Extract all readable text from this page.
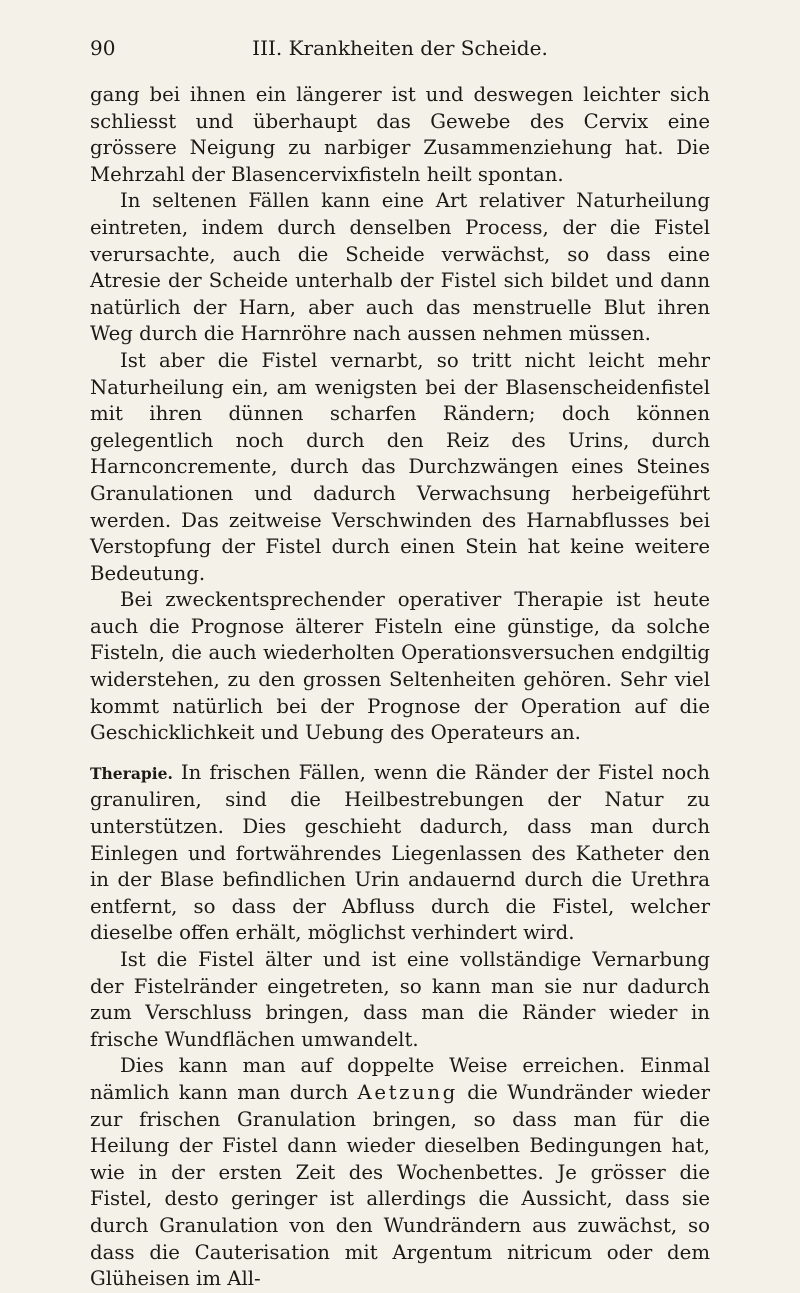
90	III. Krankheiten der Scheide.

gang bei ihnen ein längerer ist und deswegen leichter sich schliesst und überhaupt das Gewebe des Cervix eine grössere Neigung zu narbiger Zusammenziehung hat. Die Mehrzahl der Blasencervixfisteln heilt spontan.

In seltenen Fällen kann eine Art relativer Naturheilung eintreten, indem durch denselben Process, der die Fistel verursachte, auch die Scheide verwächst, so dass eine Atresie der Scheide unterhalb der Fistel sich bildet und dann natürlich der Harn, aber auch das menstruelle Blut ihren Weg durch die Harnröhre nach aussen nehmen müssen.

Ist aber die Fistel vernarbt, so tritt nicht leicht mehr Naturheilung ein, am wenigsten bei der Blasenscheidenfistel mit ihren dünnen scharfen Rändern; doch können gelegentlich noch durch den Reiz des Urins, durch Harnconcremente, durch das Durchzwängen eines Steines Granulationen und dadurch Verwachsung herbeigeführt werden. Das zeitweise Verschwinden des Harnabflusses bei Verstopfung der Fistel durch einen Stein hat keine weitere Bedeutung.

Bei zweckentsprechender operativer Therapie ist heute auch die Prognose älterer Fisteln eine günstige, da solche Fisteln, die auch wiederholten Operationsversuchen endgiltig widerstehen, zu den grossen Seltenheiten gehören. Sehr viel kommt natürlich bei der Prognose der Operation auf die Geschicklichkeit und Uebung des Operateurs an.

Therapie. In frischen Fällen, wenn die Ränder der Fistel noch granuliren, sind die Heilbestrebungen der Natur zu unterstützen. Dies geschieht dadurch, dass man durch Einlegen und fortwährendes Liegenlassen des Katheter den in der Blase befindlichen Urin andauernd durch die Urethra entfernt, so dass der Abfluss durch die Fistel, welcher dieselbe offen erhält, möglichst verhindert wird.

Ist die Fistel älter und ist eine vollständige Vernarbung der Fistelränder eingetreten, so kann man sie nur dadurch zum Verschluss bringen, dass man die Ränder wieder in frische Wundflächen umwandelt.

Dies kann man auf doppelte Weise erreichen. Einmal nämlich kann man durch Aetzung die Wundränder wieder zur frischen Granulation bringen, so dass man für die Heilung der Fistel dann wieder dieselben Bedingungen hat, wie in der ersten Zeit des Wochenbettes. Je grösser die Fistel, desto geringer ist allerdings die Aussicht, dass sie durch Granulation von den Wundrändern aus zuwächst, so dass die Cauterisation mit Argentum nitricum oder dem Glüheisen im All-
